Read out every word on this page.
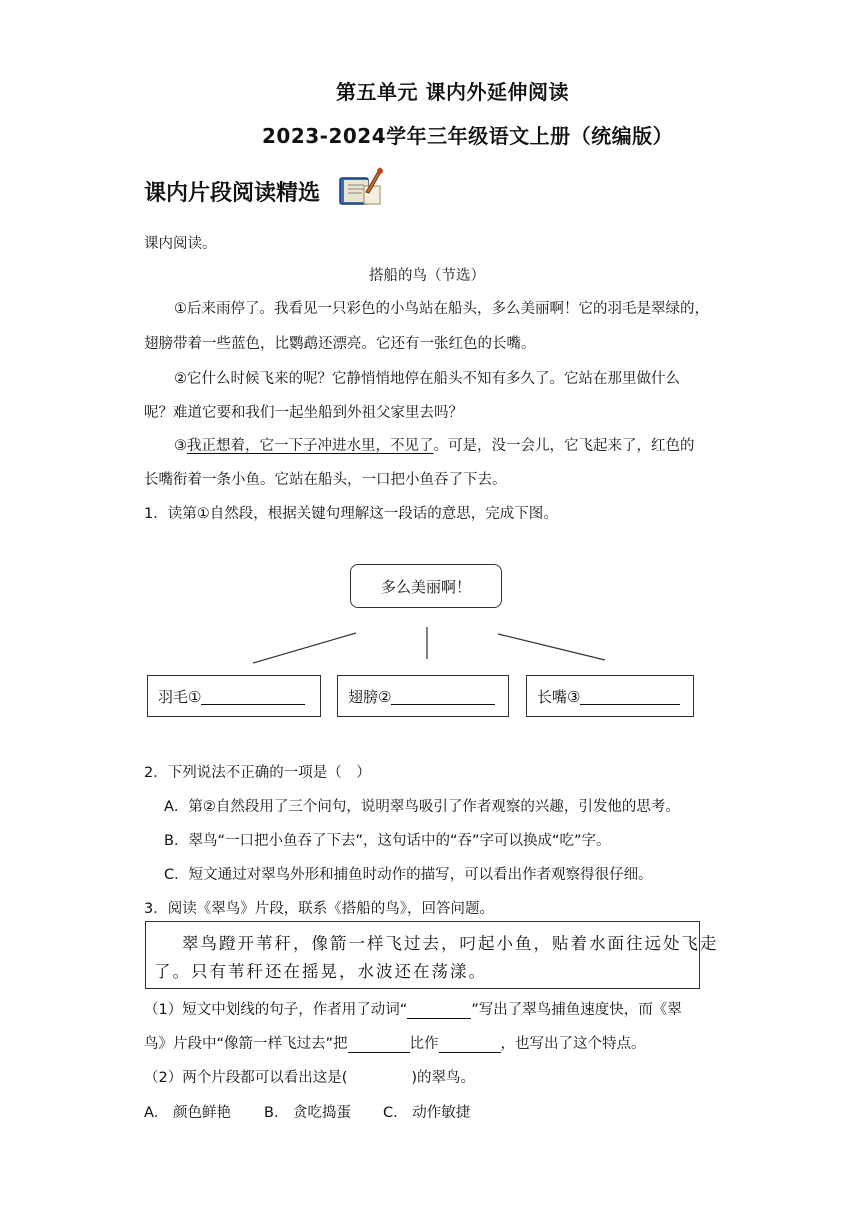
第五单元 课内外延伸阅读
2023-2024学年三年级语文上册（统编版）
课内片段阅读精选
课内阅读。
搭船的鸟（节选）
①后来雨停了。我看见一只彩色的小鸟站在船头，多么美丽啊！它的羽毛是翠绿的，
翅膀带着一些蓝色，比鹦鹉还漂亮。它还有一张红色的长嘴。
②它什么时候飞来的呢？它静悄悄地停在船头不知有多久了。它站在那里做什么
呢？难道它要和我们一起坐船到外祖父家里去吗？
③我正想着，它一下子冲进水里，不见了。可是，没一会儿，它飞起来了，红色的
长嘴衔着一条小鱼。它站在船头，一口把小鱼吞了下去。
1．读第①自然段，根据关键句理解这一段话的意思，完成下图。
多么美丽啊！
羽毛①	翅膀②	长嘴③
2．下列说法不正确的一项是（　）
A．第②自然段用了三个问句，说明翠鸟吸引了作者观察的兴趣，引发他的思考。
B．翠鸟“一口把小鱼吞了下去”，这句话中的“吞”字可以换成“吃”字。
C．短文通过对翠鸟外形和捕鱼时动作的描写，可以看出作者观察得很仔细。
3．阅读《翠鸟》片段，联系《搭船的鸟》，回答问题。
翠鸟蹬开苇秆，像箭一样飞过去，叼起小鱼，贴着水面往远处飞走
了。只有苇秆还在摇晃，水波还在荡漾。
（1）短文中划线的句子，作者用了动词“	”写出了翠鸟捕鱼速度快，而《翠
鸟》片段中“像箭一样飞过去”把	比作	，也写出了这个特点。
（2）两个片段都可以看出这是(	)的翠鸟。
A． 颜色鲜艳 B． 贪吃捣蛋 C． 动作敏捷
